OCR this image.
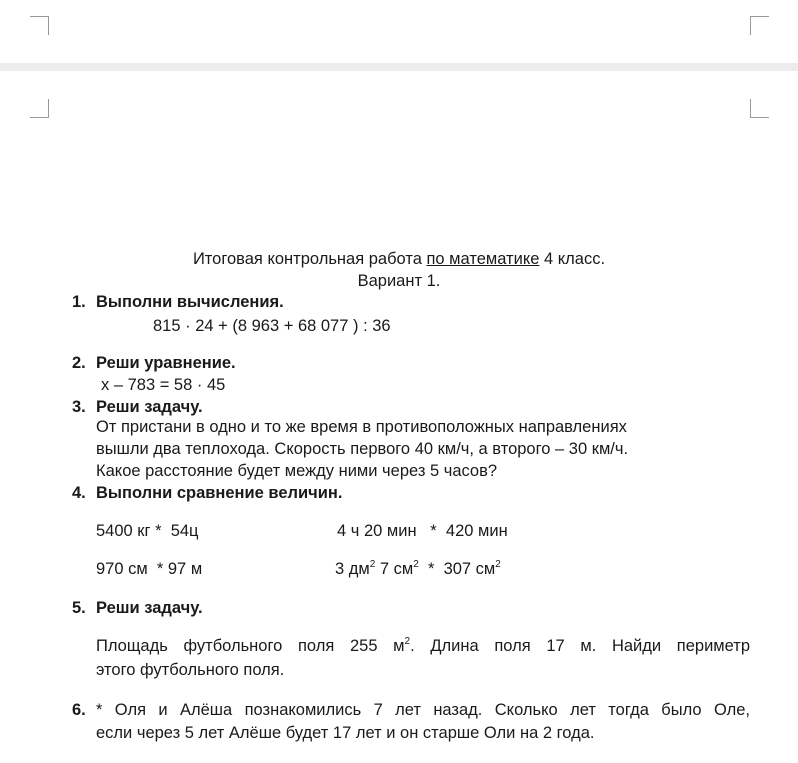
Итоговая контрольная работа по математике 4 класс.
Вариант 1.
1. Выполни вычисления.
815 · 24 + (8 963 + 68 077 ) : 36
2. Реши уравнение.
х – 783 = 58 · 45
3. Реши задачу.
От пристани в одно и то же время в противоположных направлениях
вышли два теплохода. Скорость первого 40 км/ч, а второго – 30 км/ч.
Какое расстояние будет между ними через 5 часов?
4. Выполни сравнение величин.
5400 кг *  54ц	4 ч 20 мин   *  420 мин
970 см  * 97 м	3 $дм^2$ 7 $см^2 * 307$ $см^2$
5. Реши задачу.
Площадь футбольного поля 255 $м^2$. Длина поля 17 м. Найди периметр
этого футбольного поля.
6. * Оля и Алёша познакомились 7 лет назад. Сколько лет тогда было Оле,
если через 5 лет Алёше будет 17 лет и он старше Оли на 2 года.
